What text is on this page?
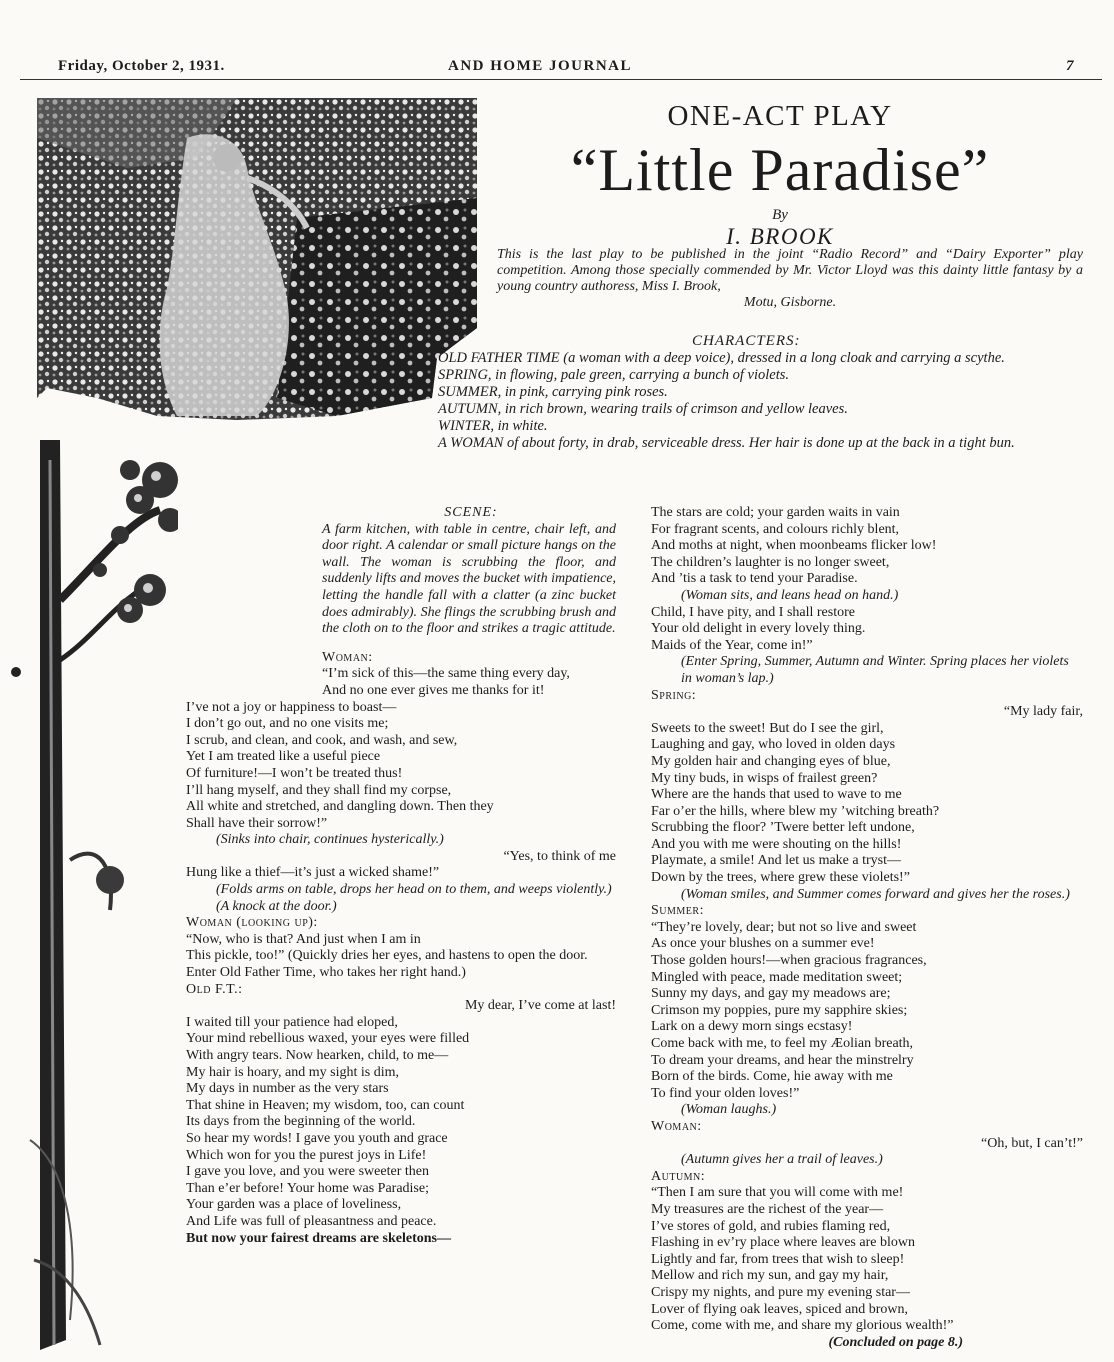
Friday, October 2, 1931.	AND HOME JOURNAL	7
ONE-ACT PLAY
“Little Paradise”
By
I. BROOK
This is the last play to be published in the joint “Radio Record” and “Dairy Exporter” play competition. Among those specially commended by Mr. Victor Lloyd was this dainty little fantasy by a young country authoress, Miss I. Brook,
Motu, Gisborne.
CHARACTERS:
OLD FATHER TIME (a woman with a deep voice), dressed in a long cloak and carrying a scythe.
SPRING, in flowing, pale green, carrying a bunch of violets.
SUMMER, in pink, carrying pink roses.
AUTUMN, in rich brown, wearing trails of crimson and yellow leaves.
WINTER, in white.
A WOMAN of about forty, in drab, serviceable dress. Her hair is done up at the back in a tight bun.
SCENE:
A farm kitchen, with table in centre, chair left, and door right. A calendar or small picture hangs on the wall. The woman is scrubbing the floor, and suddenly lifts and moves the bucket with impatience, letting the handle fall with a clatter (a zinc bucket does admirably). She flings the scrubbing brush and the cloth on to the floor and strikes a tragic attitude.
Woman:
“I’m sick of this—the same thing every day,
And no one ever gives me thanks for it!
I’ve not a joy or happiness to boast—
I don’t go out, and no one visits me;
I scrub, and clean, and cook, and wash, and sew,
Yet I am treated like a useful piece
Of furniture!—I won’t be treated thus!
I’ll hang myself, and they shall find my corpse,
All white and stretched, and dangling down. Then they
Shall have their sorrow!”
(Sinks into chair, continues hysterically.)
“Yes, to think of me
Hung like a thief—it’s just a wicked shame!”
(Folds arms on table, drops her head on to them, and weeps violently.)
(A knock at the door.)
Woman (looking up):
“Now, who is that? And just when I am in
This pickle, too!” (Quickly dries her eyes, and hastens to open the door. Enter Old Father Time, who takes her right hand.)
Old F.T.:
My dear, I’ve come at last!
I waited till your patience had eloped,
Your mind rebellious waxed, your eyes were filled
With angry tears. Now hearken, child, to me—
My hair is hoary, and my sight is dim,
My days in number as the very stars
That shine in Heaven; my wisdom, too, can count
Its days from the beginning of the world.
So hear my words! I gave you youth and grace
Which won for you the purest joys in Life!
I gave you love, and you were sweeter then
Than e’er before! Your home was Paradise;
Your garden was a place of loveliness,
And Life was full of pleasantness and peace.
But now your fairest dreams are skeletons—
The stars are cold; your garden waits in vain
For fragrant scents, and colours richly blent,
And moths at night, when moonbeams flicker low!
The children’s laughter is no longer sweet,
And ’tis a task to tend your Paradise.
(Woman sits, and leans head on hand.)
Child, I have pity, and I shall restore
Your old delight in every lovely thing.
Maids of the Year, come in!”
(Enter Spring, Summer, Autumn and Winter. Spring places her violets in woman’s lap.)
Spring:
“My lady fair,
Sweets to the sweet! But do I see the girl,
Laughing and gay, who loved in olden days
My golden hair and changing eyes of blue,
My tiny buds, in wisps of frailest green?
Where are the hands that used to wave to me
Far o’er the hills, where blew my ’witching breath?
Scrubbing the floor? ’Twere better left undone,
And you with me were shouting on the hills!
Playmate, a smile! And let us make a tryst—
Down by the trees, where grew these violets!”
(Woman smiles, and Summer comes forward and gives her the roses.)
Summer:
“They’re lovely, dear; but not so live and sweet
As once your blushes on a summer eve!
Those golden hours!—when gracious fragrances,
Mingled with peace, made meditation sweet;
Sunny my days, and gay my meadows are;
Crimson my poppies, pure my sapphire skies;
Lark on a dewy morn sings ecstasy!
Come back with me, to feel my Æolian breath,
To dream your dreams, and hear the minstrelry
Born of the birds. Come, hie away with me
To find your olden loves!”
(Woman laughs.)
Woman:
“Oh, but, I can’t!”
(Autumn gives her a trail of leaves.)
Autumn:
“Then I am sure that you will come with me!
My treasures are the richest of the year—
I’ve stores of gold, and rubies flaming red,
Flashing in ev’ry place where leaves are blown
Lightly and far, from trees that wish to sleep!
Mellow and rich my sun, and gay my hair,
Crispy my nights, and pure my evening star—
Lover of flying oak leaves, spiced and brown,
Come, come with me, and share my glorious wealth!”
(Concluded on page 8.)
